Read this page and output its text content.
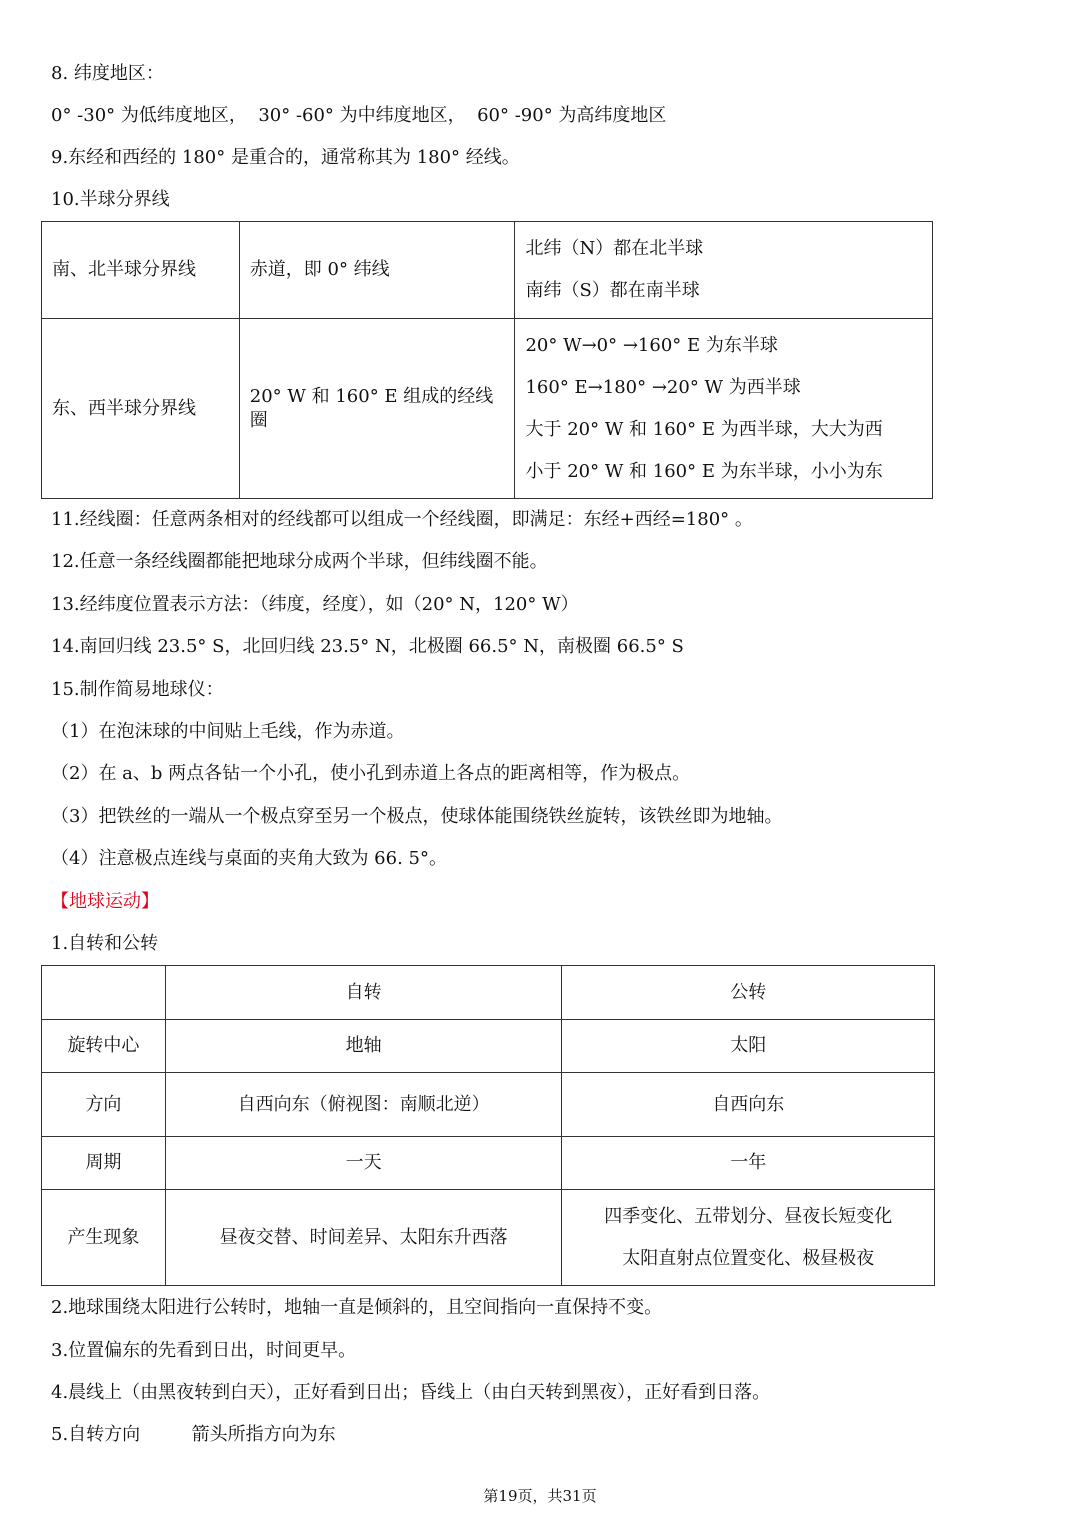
8. 纬度地区：
0° -30° 为低纬度地区，  30° -60° 为中纬度地区，  60° -90° 为高纬度地区
9.东经和西经的 180° 是重合的，通常称其为 180° 经线。
10.半球分界线
南、北半球分界线	赤道，即 0° 纬线	北纬（N）都在北半球
南纬（S）都在南半球

东、西半球分界线	20° W 和 160° E 组成的经线圈	20° W→0° →160° E 为东半球
160° E→180° →20° W 为西半球
大于 20° W 和 160° E 为西半球，大大为西
小于 20° W 和 160° E 为东半球，小小为东
11.经线圈：任意两条相对的经线都可以组成一个经线圈，即满足：东经+西经=180° 。
12.任意一条经线圈都能把地球分成两个半球，但纬线圈不能。
13.经纬度位置表示方法：（纬度，经度），如（20° N，120° W）
14.南回归线 23.5° S，北回归线 23.5° N，北极圈 66.5° N，南极圈 66.5° S
15.制作简易地球仪：
（1）在泡沫球的中间贴上毛线，作为赤道。
（2）在 a、b 两点各钻一个小孔，使小孔到赤道上各点的距离相等，作为极点。
（3）把铁丝的一端从一个极点穿至另一个极点，使球体能围绕铁丝旋转，该铁丝即为地轴。
（4）注意极点连线与桌面的夹角大致为 66. 5°。
【地球运动】
1.自转和公转
	自转	公转
旋转中心	地轴	太阳
方向	自西向东（俯视图：南顺北逆）	自西向东
周期	一天	一年
产生现象	昼夜交替、时间差异、太阳东升西落	四季变化、五带划分、昼夜长短变化
太阳直射点位置变化、极昼极夜
2.地球围绕太阳进行公转时，地轴一直是倾斜的，且空间指向一直保持不变。
3.位置偏东的先看到日出，时间更早。
4.晨线上（由黑夜转到白天），正好看到日出；昏线上（由白天转到黑夜），正好看到日落。
5.自转方向         箭头所指方向为东
第19页，共31页
